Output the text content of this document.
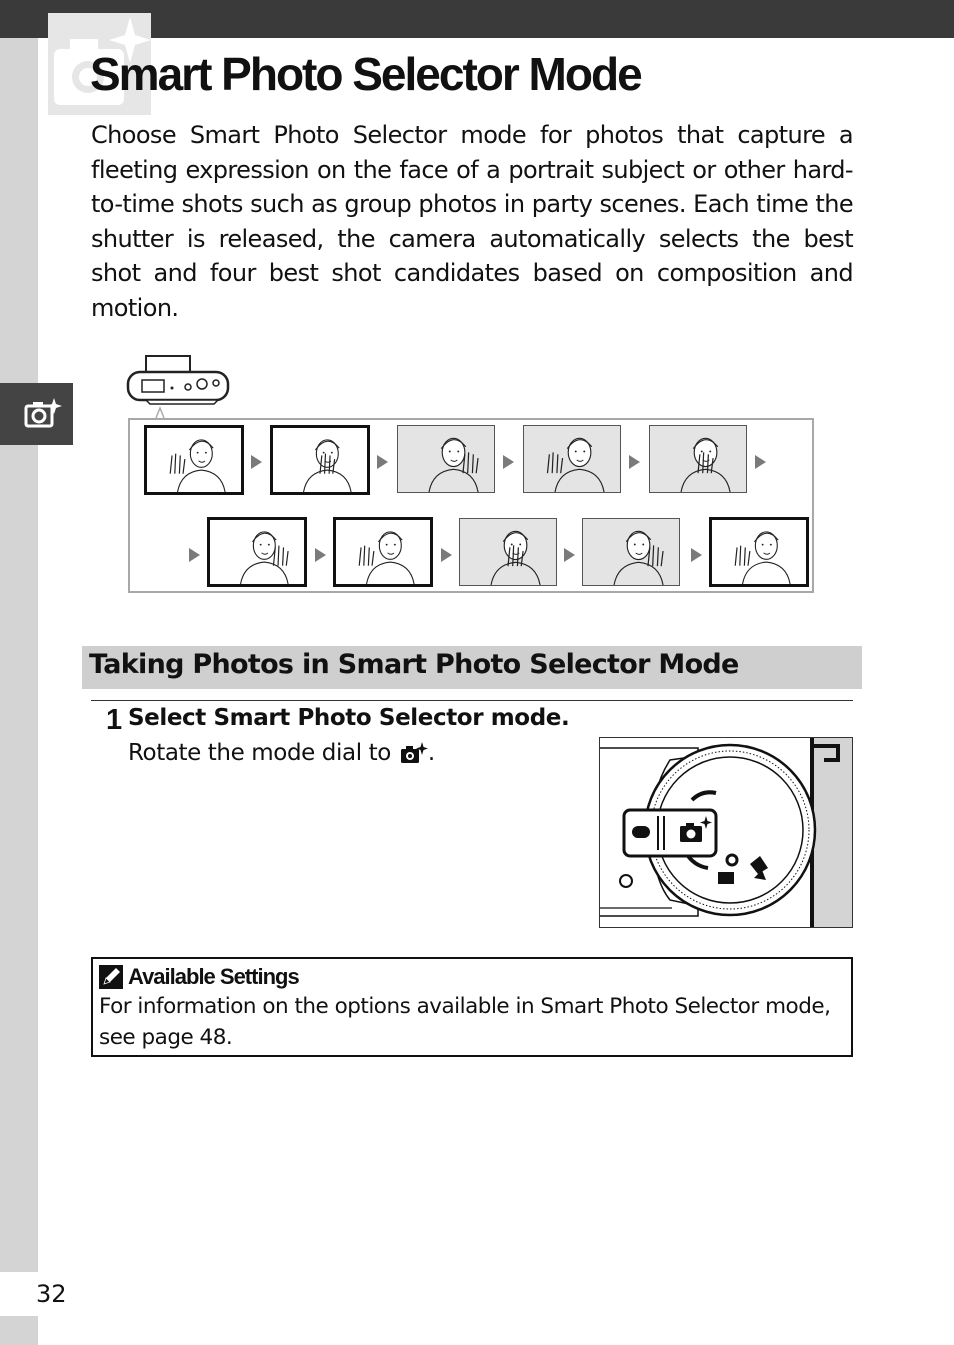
Smart Photo Selector Mode

Choose Smart Photo Selector mode for photos that capture a fleeting expression on the face of a portrait subject or other hard-to-time shots such as group photos in party scenes. Each time the shutter is released, the camera automatically selects the best shot and four best shot candidates based on composition and motion.

Taking Photos in Smart Photo Selector Mode
1 Select Smart Photo Selector mode.
Rotate the mode dial to .
Available Settings

For information on the options available in Smart Photo Selector mode, see page 48.

32
